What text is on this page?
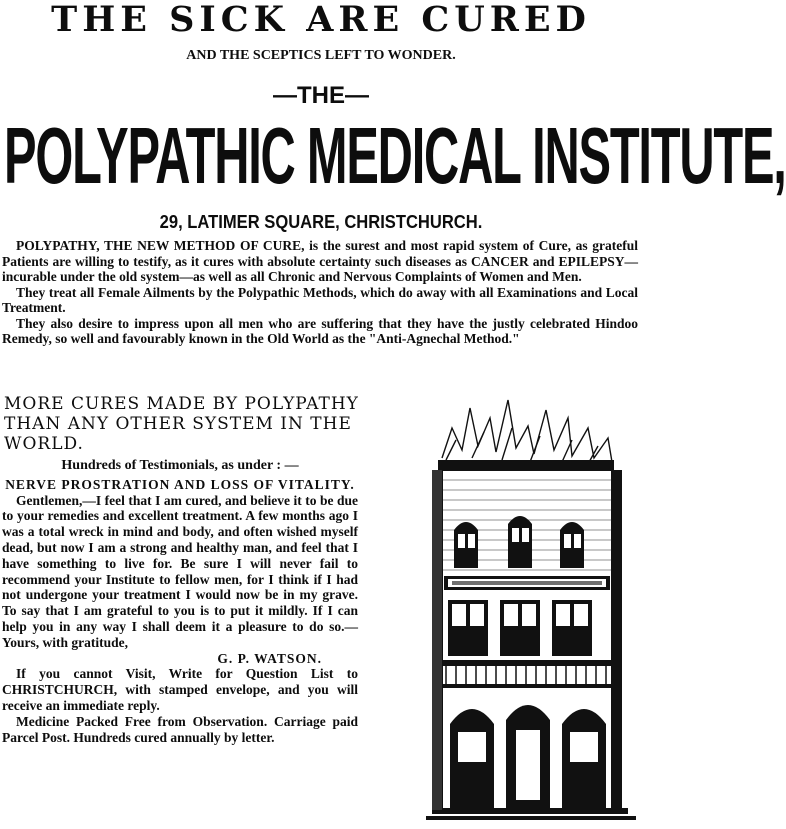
THE SICK ARE CURED
AND THE SCEPTICS LEFT TO WONDER.
—THE—
POLYPATHIC MEDICAL INSTITUTE,
29, LATIMER SQUARE, CHRISTCHURCH.

POLYPATHY, THE NEW METHOD OF CURE, is the surest and most rapid system of Cure, as grateful Patients are willing to testify, as it cures with absolute certainty such diseases as CANCER and EPILEPSY—incurable under the old system—as well as all Chronic and Nervous Complaints of Women and Men.

They treat all Female Ailments by the Polypathic Methods, which do away with all Examinations and Local Treatment.

They also desire to impress upon all men who are suffering that they have the justly celebrated Hindoo Remedy, so well and favourably known in the Old World as the "Anti-Agnechal Method."

MORE CURES MADE BY POLYPATHY THAN ANY OTHER SYSTEM IN THE WORLD.

Hundreds of Testimonials, as under : —

NERVE PROSTRATION AND LOSS OF VITALITY.

Gentlemen,—I feel that I am cured, and believe it to be due to your remedies and excellent treatment. A few months ago I was a total wreck in mind and body, and often wished myself dead, but now I am a strong and healthy man, and feel that I have something to live for. Be sure I will never fail to recommend your Institute to fellow men, for I think if I had not undergone your treatment I would now be in my grave. To say that I am grateful to you is to put it mildly. If I can help you in any way I shall deem it a pleasure to do so.—Yours, with gratitude,

G. P. WATSON.

If you cannot Visit, Write for Question List to CHRISTCHURCH, with stamped envelope, and you will receive an immediate reply.

Medicine Packed Free from Observation. Carriage paid Parcel Post. Hundreds cured annually by letter.
